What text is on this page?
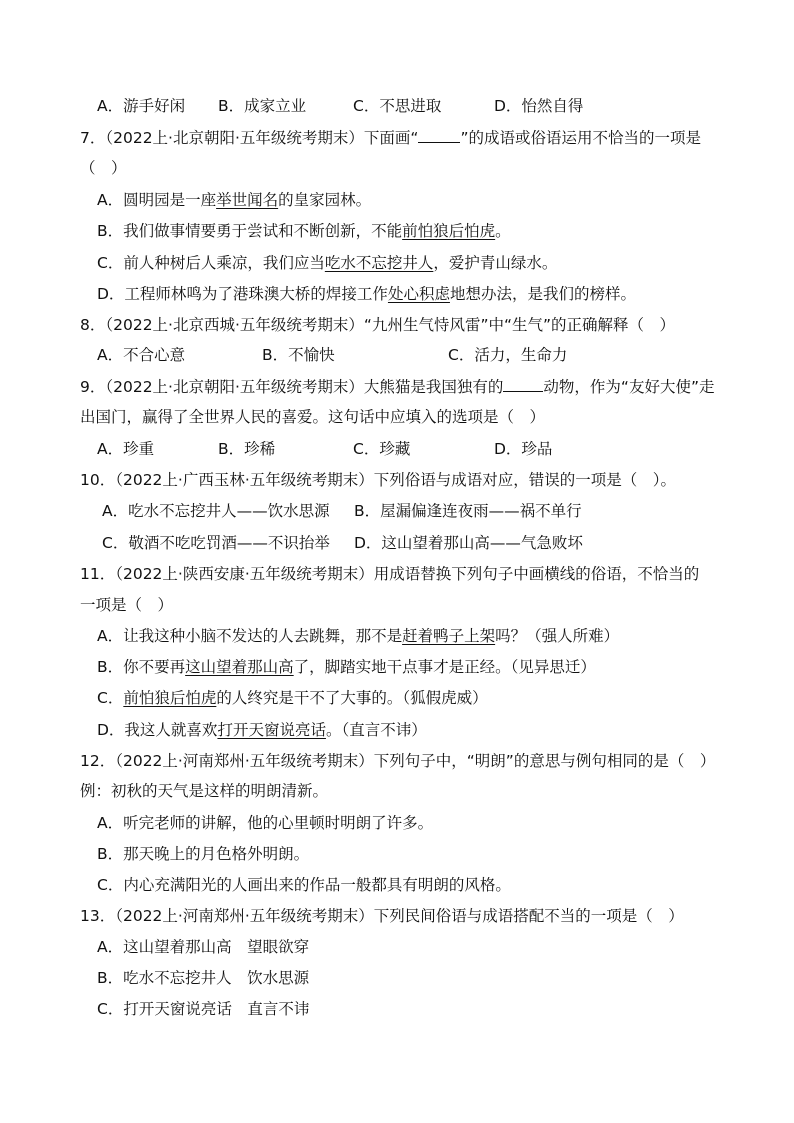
A．游手好闲 B．成家立业	C．不思进取	D．怡然自得
7．（2022上·北京朝阳·五年级统考期末）下面画“	”的成语或俗语运用不恰当的一项是
（　）
A．圆明园是一座举世闻名的皇家园林。
B．我们做事情要勇于尝试和不断创新，不能前怕狼后怕虎。
C．前人种树后人乘凉，我们应当吃水不忘挖井人，爱护青山绿水。
D．工程师林鸣为了港珠澳大桥的焊接工作处心积虑地想办法，是我们的榜样。
8．（2022上·北京西城·五年级统考期末）“九州生气恃风雷”中“生气”的正确解释（　）
A．不合心意	B．不愉快	C．活力，生命力
9．（2022上·北京朝阳·五年级统考期末）大熊猫是我国独有的	动物，作为“友好大使”走
出国门，赢得了全世界人民的喜爱。这句话中应填入的选项是（　）
A．珍重	B．珍稀	C．珍藏	D．珍品
10．（2022上·广西玉林·五年级统考期末）下列俗语与成语对应，错误的一项是（　）。
A．吃水不忘挖井人——饮水思源 B．屋漏偏逢连夜雨——祸不单行
C．敬酒不吃吃罚酒——不识抬举 D．这山望着那山高——气急败坏
11．（2022上·陕西安康·五年级统考期末）用成语替换下列句子中画横线的俗语，不恰当的
一项是（　）
A．让我这种小脑不发达的人去跳舞，那不是赶着鸭子上架吗？（强人所难）
B．你不要再这山望着那山高了，脚踏实地干点事才是正经。（见异思迁）
C．前怕狼后怕虎的人终究是干不了大事的。（狐假虎威）
D．我这人就喜欢打开天窗说亮话。（直言不讳）
12．（2022上·河南郑州·五年级统考期末）下列句子中，“明朗”的意思与例句相同的是（　）
例：初秋的天气是这样的明朗清新。
A．听完老师的讲解，他的心里顿时明朗了许多。
B．那天晚上的月色格外明朗。
C．内心充满阳光的人画出来的作品一般都具有明朗的风格。
13．（2022上·河南郑州·五年级统考期末）下列民间俗语与成语搭配不当的一项是（　）
A．这山望着那山高　望眼欲穿
B．吃水不忘挖井人　饮水思源
C．打开天窗说亮话　直言不讳
